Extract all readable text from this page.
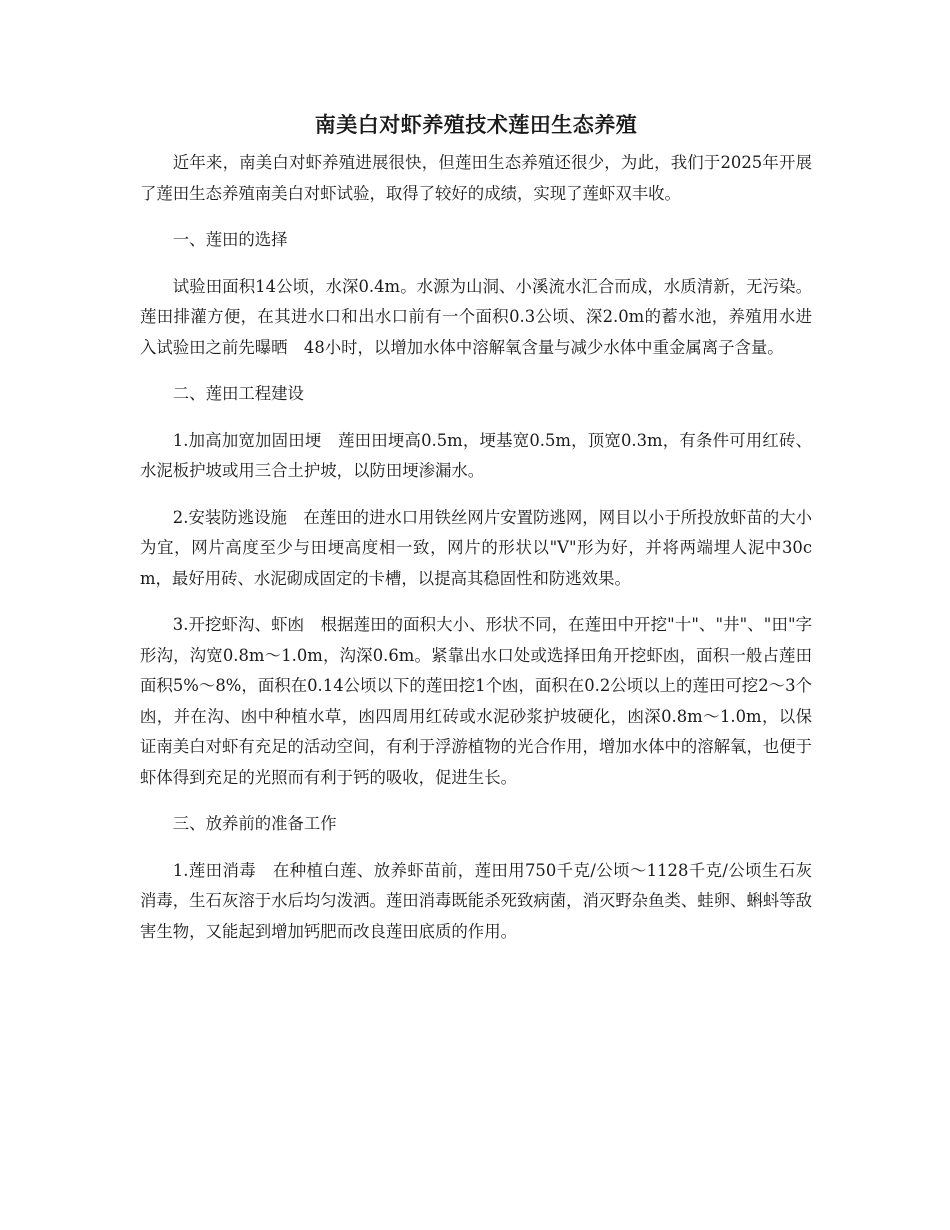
南美白对虾养殖技术莲田生态养殖

近年来，南美白对虾养殖进展很快，但莲田生态养殖还很少，为此，我们于2025年开展了莲田生态养殖南美白对虾试验，取得了较好的成绩，实现了莲虾双丰收。

一、莲田的选择

试验田面积14公顷，水深0.4m。水源为山洞、小溪流水汇合而成，水质清新，无污染。莲田排灌方便，在其进水口和出水口前有一个面积0.3公顷、深2.0m的蓄水池，养殖用水进入试验田之前先曝晒　48小时，以增加水体中溶解氧含量与减少水体中重金属离子含量。

二、莲田工程建设

1.加高加宽加固田埂　莲田田埂高0.5m，埂基宽0.5m，顶宽0.3m，有条件可用红砖、水泥板护坡或用三合土护坡，以防田埂渗漏水。

2.安装防逃设施　在莲田的进水口用铁丝网片安置防逃网，网目以小于所投放虾苗的大小为宜，网片高度至少与田埂高度相一致，网片的形状以"V"形为好，并将两端埋人泥中30cm，最好用砖、水泥砌成固定的卡槽，以提高其稳固性和防逃效果。

3.开挖虾沟、虾凼　根据莲田的面积大小、形状不同，在莲田中开挖"十"、"井"、"田"字形沟，沟宽0.8m～1.0m，沟深0.6m。紧靠出水口处或选择田角开挖虾凼，面积一般占莲田面积5%～8%，面积在0.14公顷以下的莲田挖1个凼，面积在0.2公顷以上的莲田可挖2～3个凼，并在沟、凼中种植水草，凼四周用红砖或水泥砂浆护坡硬化，凼深0.8m～1.0m，以保证南美白对虾有充足的活动空间，有利于浮游植物的光合作用，增加水体中的溶解氧，也便于虾体得到充足的光照而有利于钙的吸收，促进生长。

三、放养前的准备工作

1.莲田消毒　在种植白莲、放养虾苗前，莲田用750千克/公顷～1128千克/公顷生石灰消毒，生石灰溶于水后均匀泼洒。莲田消毒既能杀死致病菌，消灭野杂鱼类、蛙卵、蝌蚪等敌害生物，又能起到增加钙肥而改良莲田底质的作用。
